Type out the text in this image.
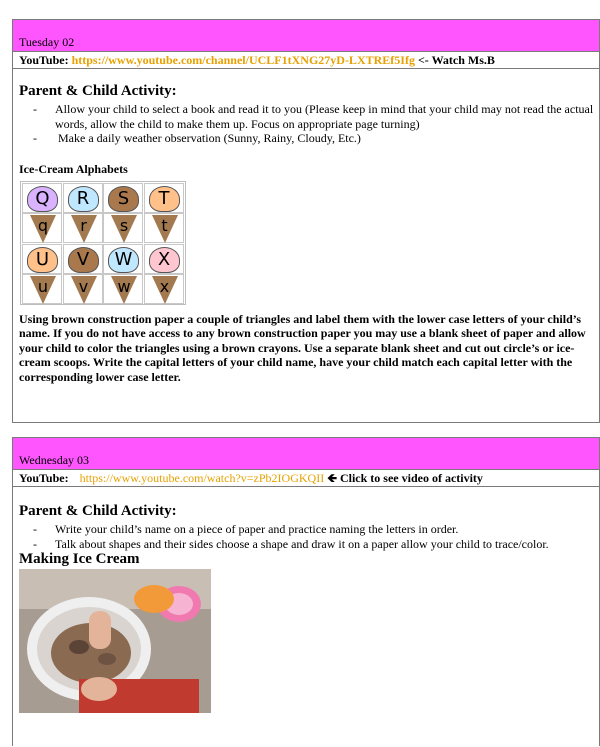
Tuesday 02
YouTube: https://www.youtube.com/channel/UCLF1tXNG27yD-LXTREf5Ifg <- Watch Ms.B
Parent & Child Activity:
- Allow your child to select a book and read it to you (Please keep in mind that your child may not read the actual words, allow the child to make them up. Focus on appropriate page turning)
- Make a daily weather observation (Sunny, Rainy, Cloudy, Etc.)
Ice-Cream Alphabets
Q
q
R
r
S
s
T
t
U
u
V
v
W
w
X
x
Using brown construction paper a couple of triangles and label them with the lower case letters of your child’s name. If you do not have access to any brown construction paper you may use a blank sheet of paper and allow your child to color the triangles using a brown crayons. Use a separate blank sheet and cut out circle’s or ice-cream scoops. Write the capital letters of your child name, have your child match each capital letter with the corresponding lower case letter.
Wednesday 03
YouTube: https://www.youtube.com/watch?v=zPb2IOGKQII 🡸 Click to see video of activity
Parent & Child Activity:
- Write your child’s name on a piece of paper and practice naming the letters in order.
- Talk about shapes and their sides choose a shape and draw it on a paper allow your child to trace/color.
Making Ice Cream
